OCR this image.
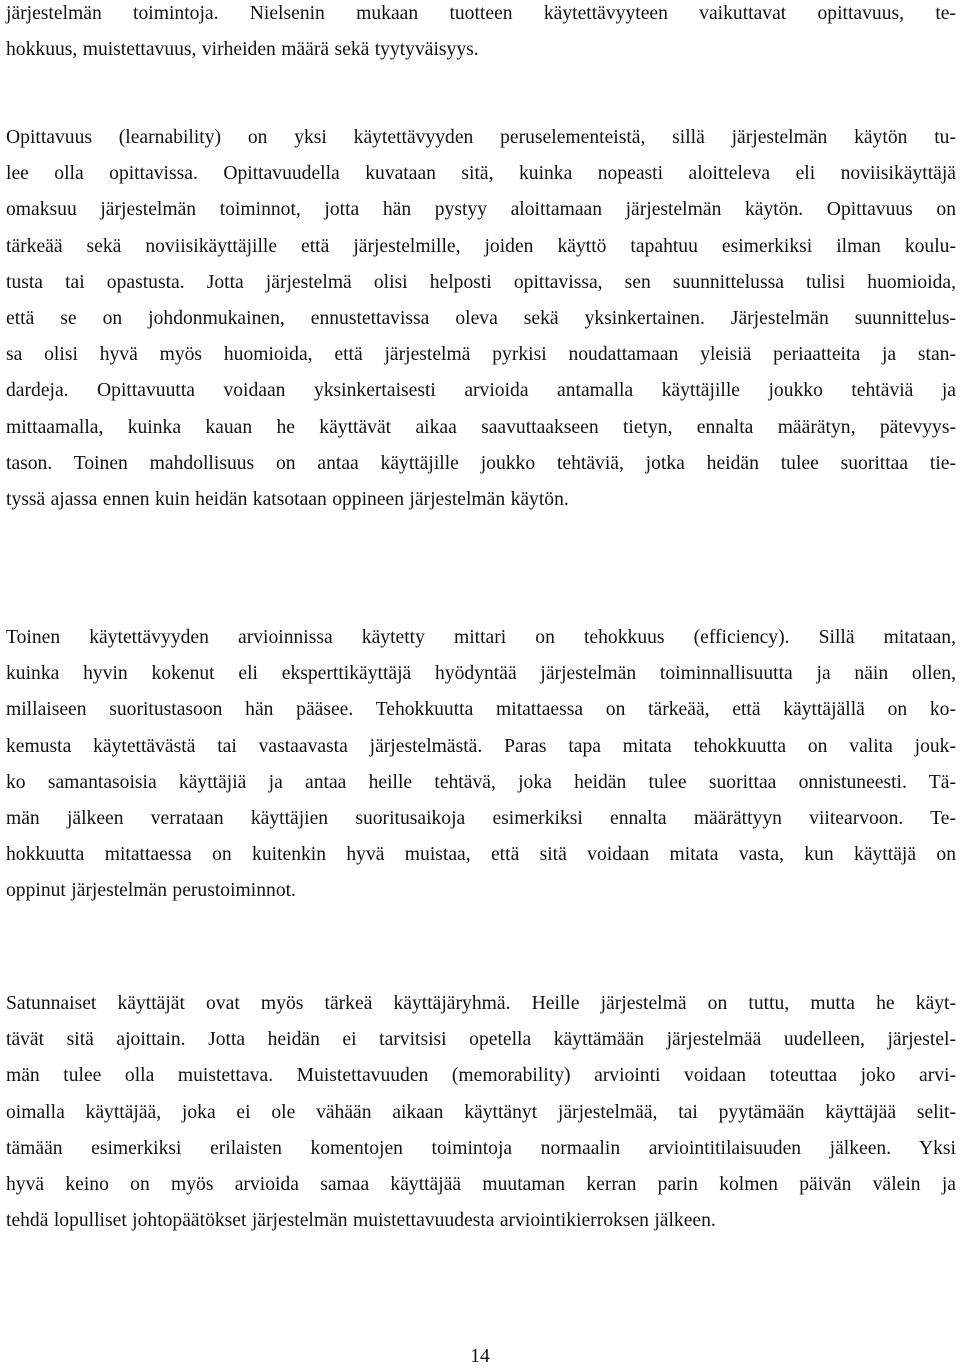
järjestelmän toimintoja. Nielsenin mukaan tuotteen käytettävyyteen vaikuttavat opittavuus, te-
hokkuus, muistettavuus, virheiden määrä sekä tyytyväisyys.
Opittavuus (learnability) on yksi käytettävyyden peruselementeistä, sillä järjestelmän käytön tu-
lee olla opittavissa. Opittavuudella kuvataan sitä, kuinka nopeasti aloitteleva eli noviisikäyttäjä
omaksuu järjestelmän toiminnot, jotta hän pystyy aloittamaan järjestelmän käytön. Opittavuus on
tärkeää sekä noviisikäyttäjille että järjestelmille, joiden käyttö tapahtuu esimerkiksi ilman koulu-
tusta tai opastusta. Jotta järjestelmä olisi helposti opittavissa, sen suunnittelussa tulisi huomioida,
että se on johdonmukainen, ennustettavissa oleva sekä yksinkertainen. Järjestelmän suunnittelus-
sa olisi hyvä myös huomioida, että järjestelmä pyrkisi noudattamaan yleisiä periaatteita ja stan-
dardeja. Opittavuutta voidaan yksinkertaisesti arvioida antamalla käyttäjille joukko tehtäviä ja
mittaamalla, kuinka kauan he käyttävät aikaa saavuttaakseen tietyn, ennalta määrätyn, pätevyys-
tason. Toinen mahdollisuus on antaa käyttäjille joukko tehtäviä, jotka heidän tulee suorittaa tie-
tyssä ajassa ennen kuin heidän katsotaan oppineen järjestelmän käytön.
Toinen käytettävyyden arvioinnissa käytetty mittari on tehokkuus (efficiency). Sillä mitataan,
kuinka hyvin kokenut eli eksperttikäyttäjä hyödyntää järjestelmän toiminnallisuutta ja näin ollen,
millaiseen suoritustasoon hän pääsee. Tehokkuutta mitattaessa on tärkeää, että käyttäjällä on ko-
kemusta käytettävästä tai vastaavasta järjestelmästä. Paras tapa mitata tehokkuutta on valita jouk-
ko samantasoisia käyttäjiä ja antaa heille tehtävä, joka heidän tulee suorittaa onnistuneesti. Tä-
män jälkeen verrataan käyttäjien suoritusaikoja esimerkiksi ennalta määrättyyn viitearvoon. Te-
hokkuutta mitattaessa on kuitenkin hyvä muistaa, että sitä voidaan mitata vasta, kun käyttäjä on
oppinut järjestelmän perustoiminnot.
Satunnaiset käyttäjät ovat myös tärkeä käyttäjäryhmä. Heille järjestelmä on tuttu, mutta he käyt-
tävät sitä ajoittain. Jotta heidän ei tarvitsisi opetella käyttämään järjestelmää uudelleen, järjestel-
män tulee olla muistettava. Muistettavuuden (memorability) arviointi voidaan toteuttaa joko arvi-
oimalla käyttäjää, joka ei ole vähään aikaan käyttänyt järjestelmää, tai pyytämään käyttäjää selit-
tämään esimerkiksi erilaisten komentojen toimintoja normaalin arviointitilaisuuden jälkeen. Yksi
hyvä keino on myös arvioida samaa käyttäjää muutaman kerran parin kolmen päivän välein ja
tehdä lopulliset johtopäätökset järjestelmän muistettavuudesta arviointikierroksen jälkeen.
14
